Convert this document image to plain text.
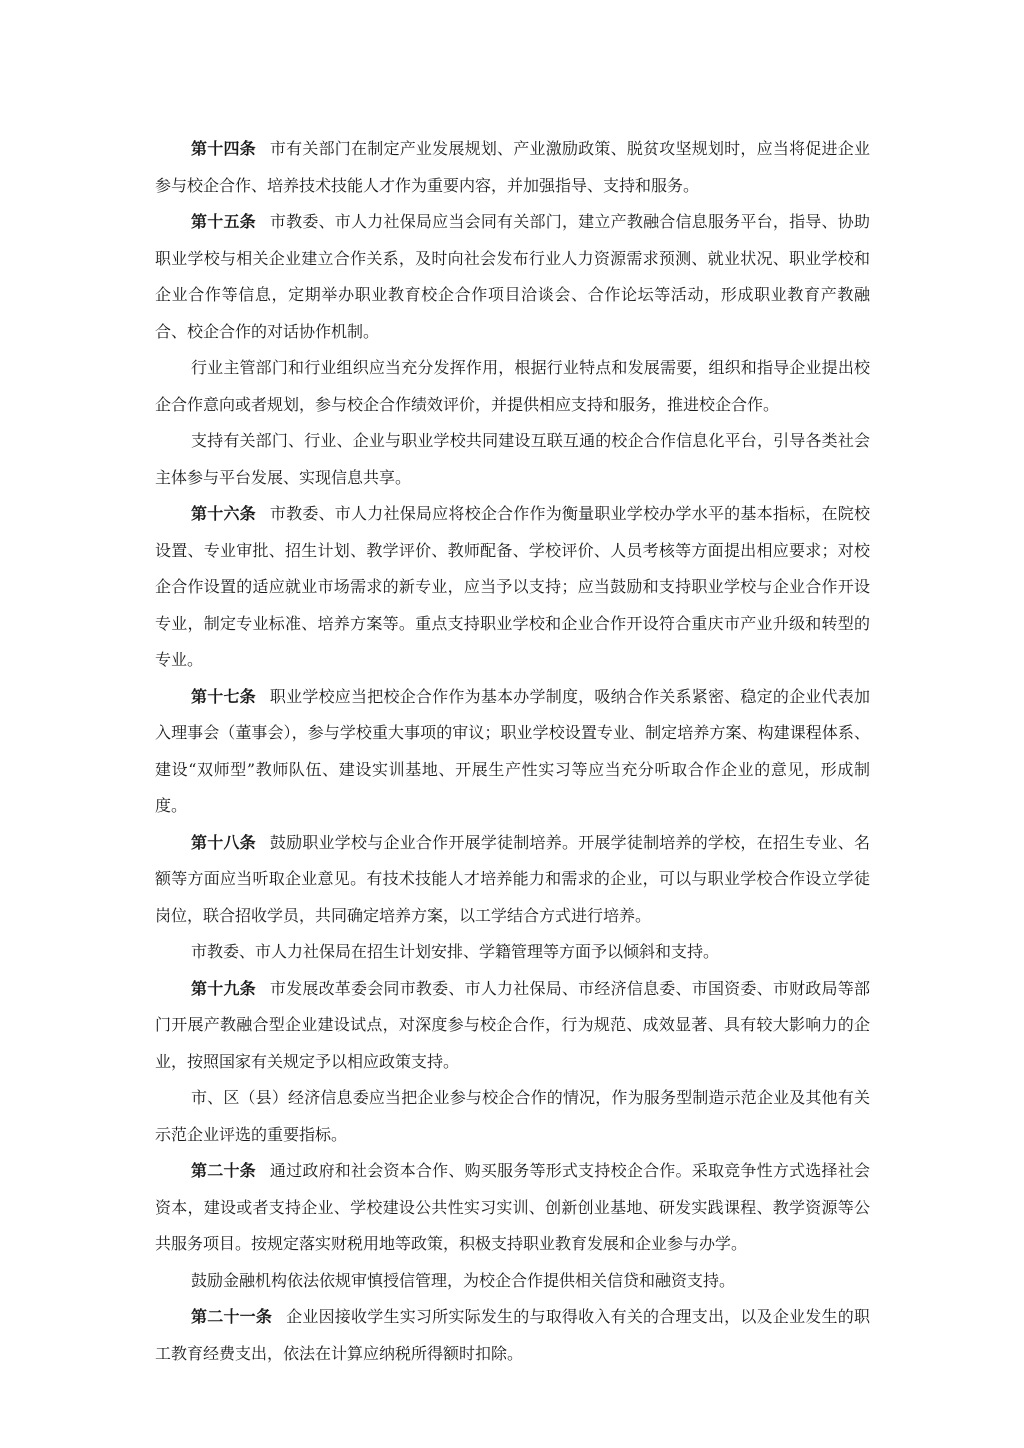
第十四条 市有关部门在制定产业发展规划、产业激励政策、脱贫攻坚规划时，应当将促进企业参与校企合作、培养技术技能人才作为重要内容，并加强指导、支持和服务。

第十五条 市教委、市人力社保局应当会同有关部门，建立产教融合信息服务平台，指导、协助职业学校与相关企业建立合作关系，及时向社会发布行业人力资源需求预测、就业状况、职业学校和企业合作等信息，定期举办职业教育校企合作项目洽谈会、合作论坛等活动，形成职业教育产教融合、校企合作的对话协作机制。

行业主管部门和行业组织应当充分发挥作用，根据行业特点和发展需要，组织和指导企业提出校企合作意向或者规划，参与校企合作绩效评价，并提供相应支持和服务，推进校企合作。

支持有关部门、行业、企业与职业学校共同建设互联互通的校企合作信息化平台，引导各类社会主体参与平台发展、实现信息共享。

第十六条 市教委、市人力社保局应将校企合作作为衡量职业学校办学水平的基本指标，在院校设置、专业审批、招生计划、教学评价、教师配备、学校评价、人员考核等方面提出相应要求；对校企合作设置的适应就业市场需求的新专业，应当予以支持；应当鼓励和支持职业学校与企业合作开设专业，制定专业标准、培养方案等。重点支持职业学校和企业合作开设符合重庆市产业升级和转型的专业。

第十七条 职业学校应当把校企合作作为基本办学制度，吸纳合作关系紧密、稳定的企业代表加入理事会（董事会），参与学校重大事项的审议；职业学校设置专业、制定培养方案、构建课程体系、建设“双师型”教师队伍、建设实训基地、开展生产性实习等应当充分听取合作企业的意见，形成制度。

第十八条 鼓励职业学校与企业合作开展学徒制培养。开展学徒制培养的学校，在招生专业、名额等方面应当听取企业意见。有技术技能人才培养能力和需求的企业，可以与职业学校合作设立学徒岗位，联合招收学员，共同确定培养方案，以工学结合方式进行培养。

市教委、市人力社保局在招生计划安排、学籍管理等方面予以倾斜和支持。

第十九条 市发展改革委会同市教委、市人力社保局、市经济信息委、市国资委、市财政局等部门开展产教融合型企业建设试点，对深度参与校企合作，行为规范、成效显著、具有较大影响力的企业，按照国家有关规定予以相应政策支持。

市、区（县）经济信息委应当把企业参与校企合作的情况，作为服务型制造示范企业及其他有关示范企业评选的重要指标。

第二十条 通过政府和社会资本合作、购买服务等形式支持校企合作。采取竞争性方式选择社会资本，建设或者支持企业、学校建设公共性实习实训、创新创业基地、研发实践课程、教学资源等公共服务项目。按规定落实财税用地等政策，积极支持职业教育发展和企业参与办学。

鼓励金融机构依法依规审慎授信管理，为校企合作提供相关信贷和融资支持。

第二十一条 企业因接收学生实习所实际发生的与取得收入有关的合理支出，以及企业发生的职工教育经费支出，依法在计算应纳税所得额时扣除。
